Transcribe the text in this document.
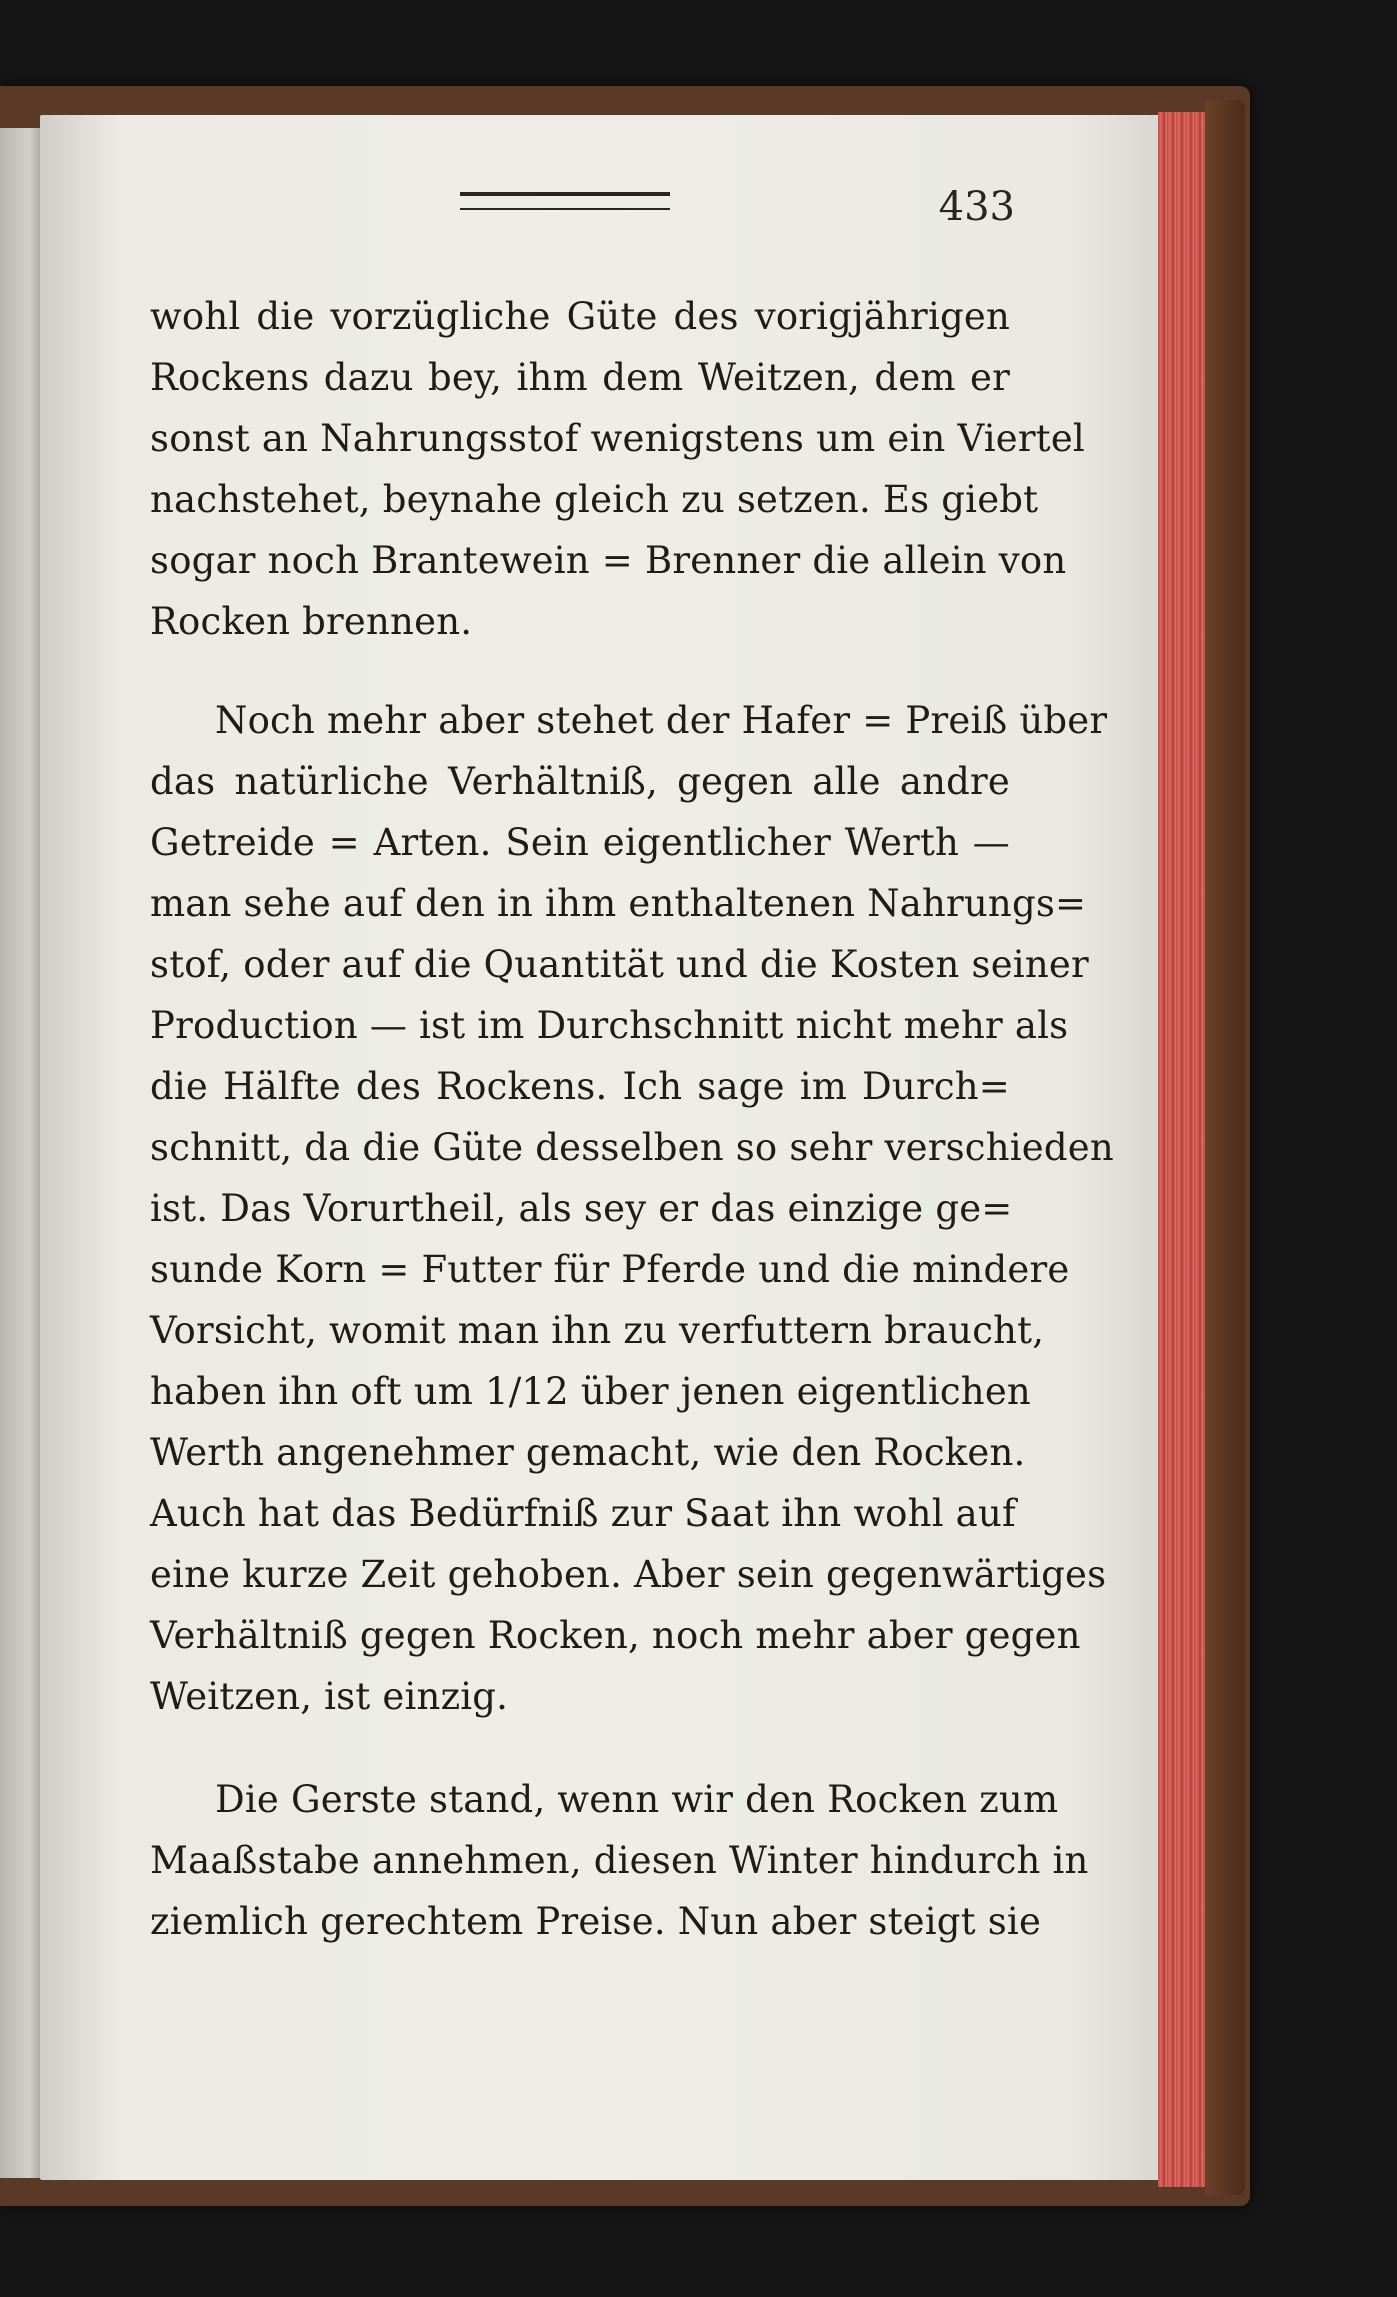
433
wohl die vorzügliche Güte des vorigjährigen
Rockens dazu bey, ihm dem Weitzen, dem er
sonst an Nahrungsstof wenigstens um ein Viertel
nachstehet, beynahe gleich zu setzen. Es giebt
sogar noch Brantewein = Brenner die allein von
Rocken brennen.
Noch mehr aber stehet der Hafer = Preiß über
das natürliche Verhältniß, gegen alle andre
Getreide = Arten. Sein eigentlicher Werth —
man sehe auf den in ihm enthaltenen Nahrungs=
stof, oder auf die Quantität und die Kosten seiner
Production — ist im Durchschnitt nicht mehr als
die Hälfte des Rockens. Ich sage im Durch=
schnitt, da die Güte desselben so sehr verschieden
ist. Das Vorurtheil, als sey er das einzige ge=
sunde Korn = Futter für Pferde und die mindere
Vorsicht, womit man ihn zu verfuttern braucht,
haben ihn oft um 1/12 über jenen eigentlichen
Werth angenehmer gemacht, wie den Rocken.
Auch hat das Bedürfniß zur Saat ihn wohl auf
eine kurze Zeit gehoben. Aber sein gegenwärtiges
Verhältniß gegen Rocken, noch mehr aber gegen
Weitzen, ist einzig.
Die Gerste stand, wenn wir den Rocken zum
Maaßstabe annehmen, diesen Winter hindurch in
ziemlich gerechtem Preise. Nun aber steigt sie
